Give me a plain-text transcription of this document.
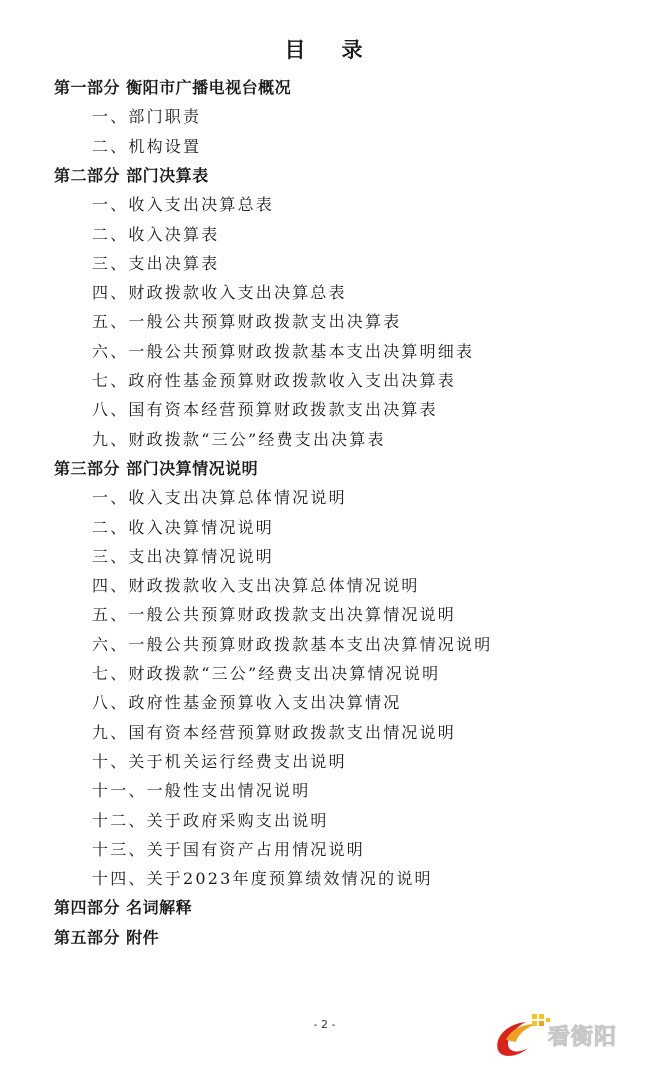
目 录
第一部分 衡阳市广播电视台概况
一、部门职责
二、机构设置
第二部分 部门决算表
一、收入支出决算总表
二、收入决算表
三、支出决算表
四、财政拨款收入支出决算总表
五、一般公共预算财政拨款支出决算表
六、一般公共预算财政拨款基本支出决算明细表
七、政府性基金预算财政拨款收入支出决算表
八、国有资本经营预算财政拨款支出决算表
九、财政拨款“三公”经费支出决算表
第三部分 部门决算情况说明
一、收入支出决算总体情况说明
二、收入决算情况说明
三、支出决算情况说明
四、财政拨款收入支出决算总体情况说明
五、一般公共预算财政拨款支出决算情况说明
六、一般公共预算财政拨款基本支出决算情况说明
七、财政拨款“三公”经费支出决算情况说明
八、政府性基金预算收入支出决算情况
九、国有资本经营预算财政拨款支出情况说明
十、关于机关运行经费支出说明
十一、一般性支出情况说明
十二、关于政府采购支出说明
十三、关于国有资产占用情况说明
十四、关于2023年度预算绩效情况的说明
第四部分 名词解释
第五部分 附件
- 2 -
看衡阳
